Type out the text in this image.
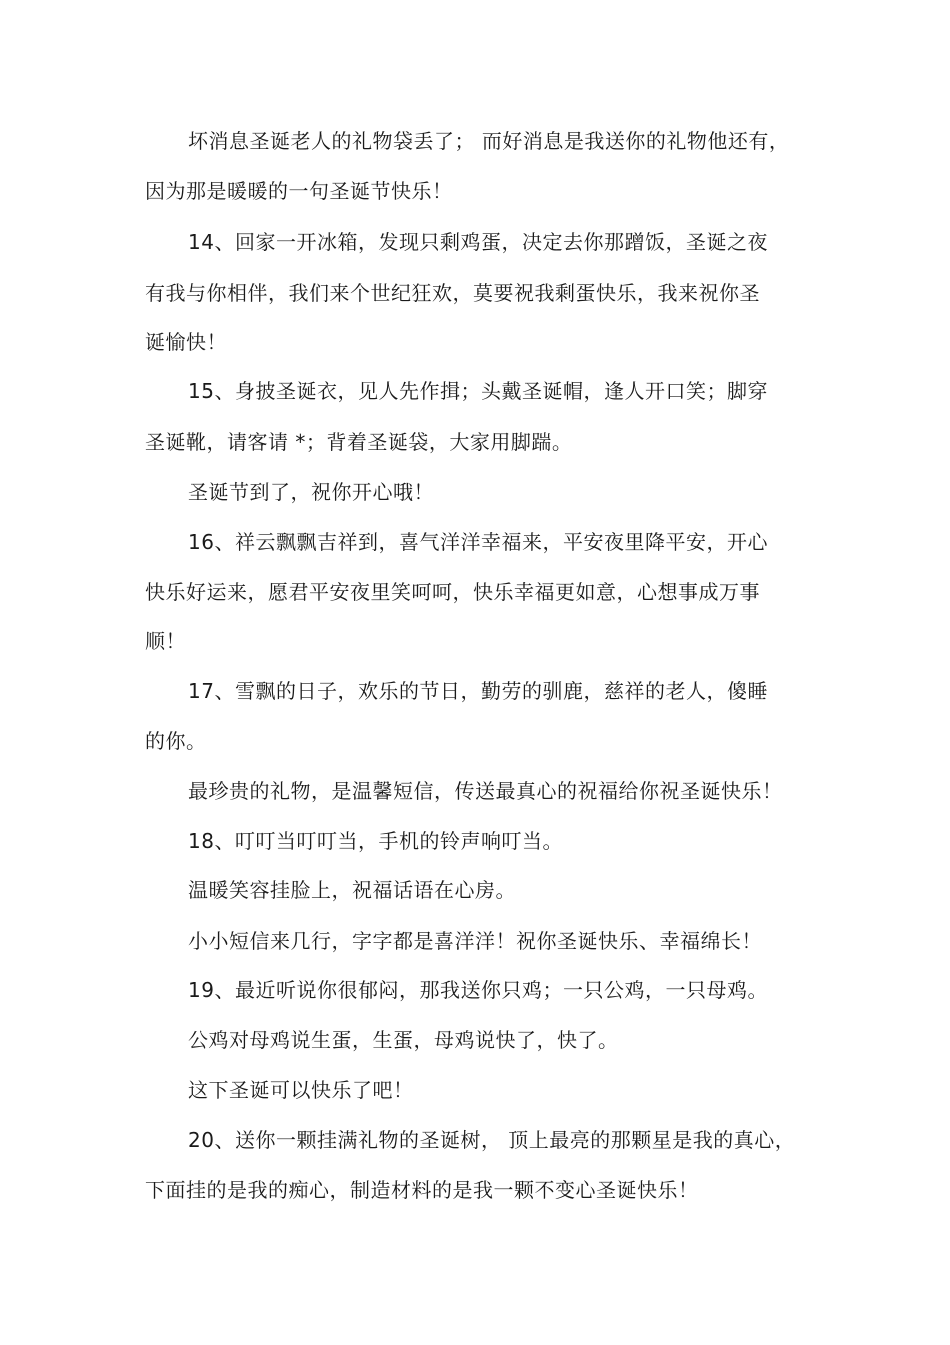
坏消息圣诞老人的礼物袋丢了； 而好消息是我送你的礼物他还有，
因为那是暖暖的一句圣诞节快乐！
14、回家一开冰箱，发现只剩鸡蛋，决定去你那蹭饭，圣诞之夜
有我与你相伴，我们来个世纪狂欢，莫要祝我剩蛋快乐，我来祝你圣
诞愉快！
15、身披圣诞衣，见人先作揖；头戴圣诞帽，逢人开口笑；脚穿
圣诞靴，请客请 *；背着圣诞袋，大家用脚踹。
圣诞节到了，祝你开心哦！
16、祥云飘飘吉祥到，喜气洋洋幸福来，平安夜里降平安，开心
快乐好运来，愿君平安夜里笑呵呵，快乐幸福更如意，心想事成万事
顺！
17、雪飘的日子，欢乐的节日，勤劳的驯鹿，慈祥的老人，傻睡
的你。
最珍贵的礼物，是温馨短信，传送最真心的祝福给你祝圣诞快乐！
18、叮叮当叮叮当，手机的铃声响叮当。
温暖笑容挂脸上，祝福话语在心房。
小小短信来几行，字字都是喜洋洋！祝你圣诞快乐、幸福绵长！
19、最近听说你很郁闷，那我送你只鸡；一只公鸡，一只母鸡。
公鸡对母鸡说生蛋，生蛋，母鸡说快了，快了。
这下圣诞可以快乐了吧！
20、送你一颗挂满礼物的圣诞树， 顶上最亮的那颗星是我的真心，
下面挂的是我的痴心，制造材料的是我一颗不变心圣诞快乐！
